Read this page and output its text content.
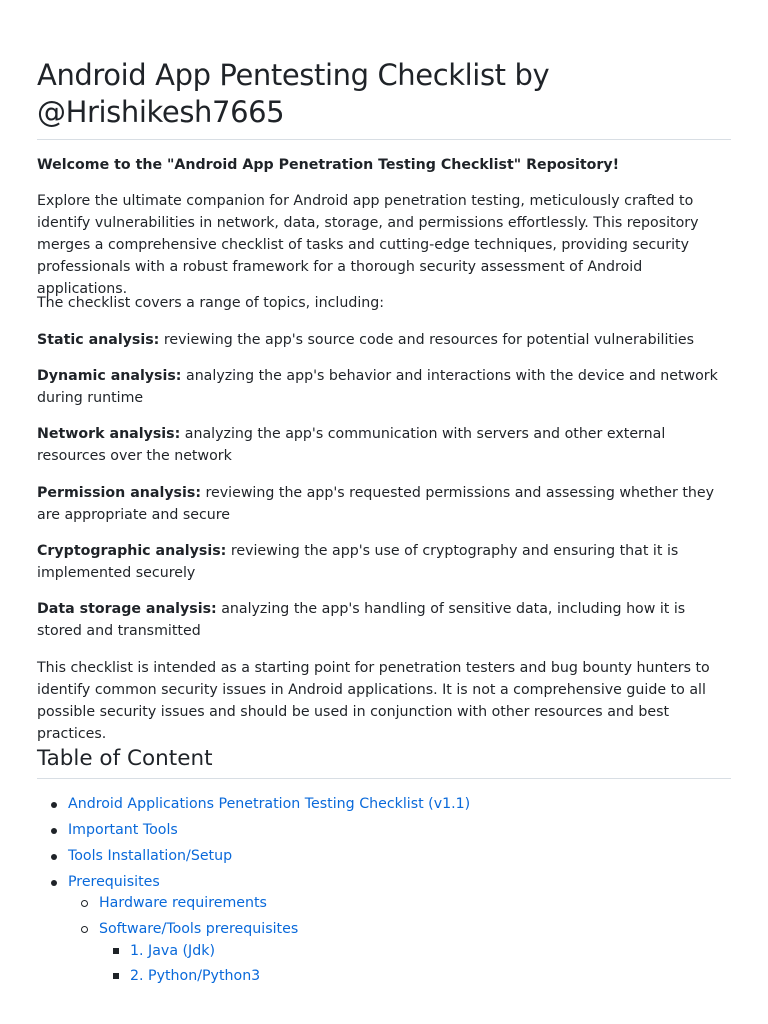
Android App Pentesting Checklist by @Hrishikesh7665

Welcome to the "Android App Penetration Testing Checklist" Repository!

Explore the ultimate companion for Android app penetration testing, meticulously crafted to identify vulnerabilities in network, data, storage, and permissions effortlessly. This repository merges a comprehensive checklist of tasks and cutting-edge techniques, providing security professionals with a robust framework for a thorough security assessment of Android applications.

The checklist covers a range of topics, including:

Static analysis: reviewing the app's source code and resources for potential vulnerabilities

Dynamic analysis: analyzing the app's behavior and interactions with the device and network during runtime

Network analysis: analyzing the app's communication with servers and other external resources over the network

Permission analysis: reviewing the app's requested permissions and assessing whether they are appropriate and secure

Cryptographic analysis: reviewing the app's use of cryptography and ensuring that it is implemented securely

Data storage analysis: analyzing the app's handling of sensitive data, including how it is stored and transmitted

This checklist is intended as a starting point for penetration testers and bug bounty hunters to identify common security issues in Android applications. It is not a comprehensive guide to all possible security issues and should be used in conjunction with other resources and best practices.

Table of Content
Android Applications Penetration Testing Checklist (v1.1)
Important Tools
Tools Installation/Setup
Prerequisites
Hardware requirements
Software/Tools prerequisites
1. Java (Jdk)
2. Python/Python3
